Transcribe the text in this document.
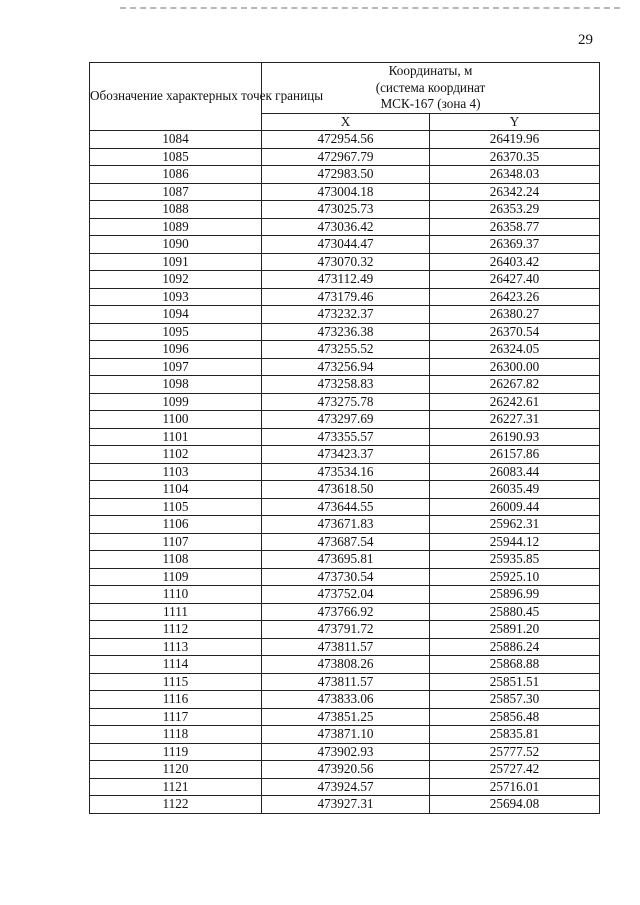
29
Обозначение характерных точек границы	Координаты, м
(система координат
МСК-167 (зона 4)	

	X	Y
1084	472954.56	26419.96
1085	472967.79	26370.35
1086	472983.50	26348.03
1087	473004.18	26342.24
1088	473025.73	26353.29
1089	473036.42	26358.77
1090	473044.47	26369.37
1091	473070.32	26403.42
1092	473112.49	26427.40
1093	473179.46	26423.26
1094	473232.37	26380.27
1095	473236.38	26370.54
1096	473255.52	26324.05
1097	473256.94	26300.00
1098	473258.83	26267.82
1099	473275.78	26242.61
1100	473297.69	26227.31
1101	473355.57	26190.93
1102	473423.37	26157.86
1103	473534.16	26083.44
1104	473618.50	26035.49
1105	473644.55	26009.44
1106	473671.83	25962.31
1107	473687.54	25944.12
1108	473695.81	25935.85
1109	473730.54	25925.10
1110	473752.04	25896.99
1111	473766.92	25880.45
1112	473791.72	25891.20
1113	473811.57	25886.24
1114	473808.26	25868.88
1115	473811.57	25851.51
1116	473833.06	25857.30
1117	473851.25	25856.48
1118	473871.10	25835.81
1119	473902.93	25777.52
1120	473920.56	25727.42
1121	473924.57	25716.01
1122	473927.31	25694.08
